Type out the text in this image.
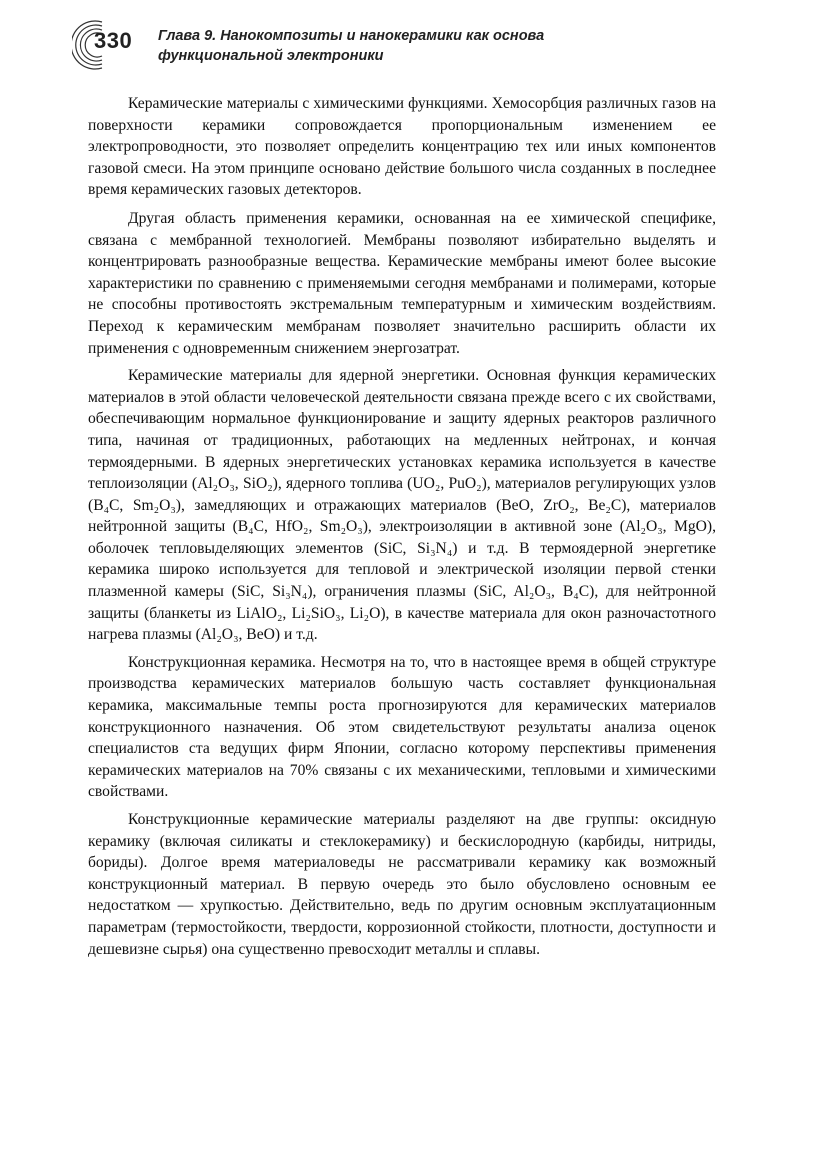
330 Глава 9. Нанокомпозиты и нанокерамики как основа
функциональной электроники

Керамические материалы с химическими функциями. Хемосорбция различных газов на поверхности керамики сопровождается пропорциональным изменением ее электропроводности, это позволяет определить концентрацию тех или иных компонентов газовой смеси. На этом принципе основано действие большого числа созданных в последнее время керамических газовых детекторов.

Другая область применения керамики, основанная на ее химической специфике, связана с мембранной технологией. Мембраны позволяют избирательно выделять и концентрировать разнообразные вещества. Керамические мембраны имеют более высокие характеристики по сравнению с применяемыми сегодня мембранами и полимерами, которые не способны противостоять экстремальным температурным и химическим воздействиям. Переход к керамическим мембранам позволяет значительно расширить области их применения с одновременным снижением энергозатрат.

Керамические материалы для ядерной энергетики. Основная функция керамических материалов в этой области человеческой деятельности связана прежде всего с их свойствами, обеспечивающим нормальное функционирование и защиту ядерных реакторов различного типа, начиная от традиционных, работающих на медленных нейтронах, и кончая термоядерными. В ядерных энергетических установках керамика используется в качестве теплоизоляции (Al₂O₃, SiO₂), ядерного топлива (UO₂, PuO₂), материалов регулирующих узлов (B₄C, Sm₂O₃), замедляющих и отражающих материалов (BeO, ZrO₂, Be₂C), материалов нейтронной защиты (B₄C, HfO₂, Sm₂O₃), электроизоляции в активной зоне (Al₂O₃, MgO), оболочек тепловыделяющих элементов (SiC, Si₃N₄) и т.д. В термоядерной энергетике керамика широко используется для тепловой и электрической изоляции первой стенки плазменной камеры (SiC, Si₃N₄), ограничения плазмы (SiC, Al₂O₃, B₄C), для нейтронной защиты (бланкеты из LiAlO₂, Li₂SiO₃, Li₂O), в качестве материала для окон разночастотного нагрева плазмы (Al₂O₃, BeO) и т.д.

Конструкционная керамика. Несмотря на то, что в настоящее время в общей структуре производства керамических материалов большую часть составляет функциональная керамика, максимальные темпы роста прогнозируются для керамических материалов конструкционного назначения. Об этом свидетельствуют результаты анализа оценок специалистов ста ведущих фирм Японии, согласно которому перспективы применения керамических материалов на 70% связаны с их механическими, тепловыми и химическими свойствами.

Конструкционные керамические материалы разделяют на две группы: оксидную керамику (включая силикаты и стеклокерамику) и бескислородную (карбиды, нитриды, бориды). Долгое время материаловеды не рассматривали керамику как возможный конструкционный материал. В первую очередь это было обусловлено основным ее недостатком — хрупкостью. Действительно, ведь по другим основным эксплуатационным параметрам (термостойкости, твердости, коррозионной стойкости, плотности, доступности и дешевизне сырья) она существенно превосходит металлы и сплавы.
